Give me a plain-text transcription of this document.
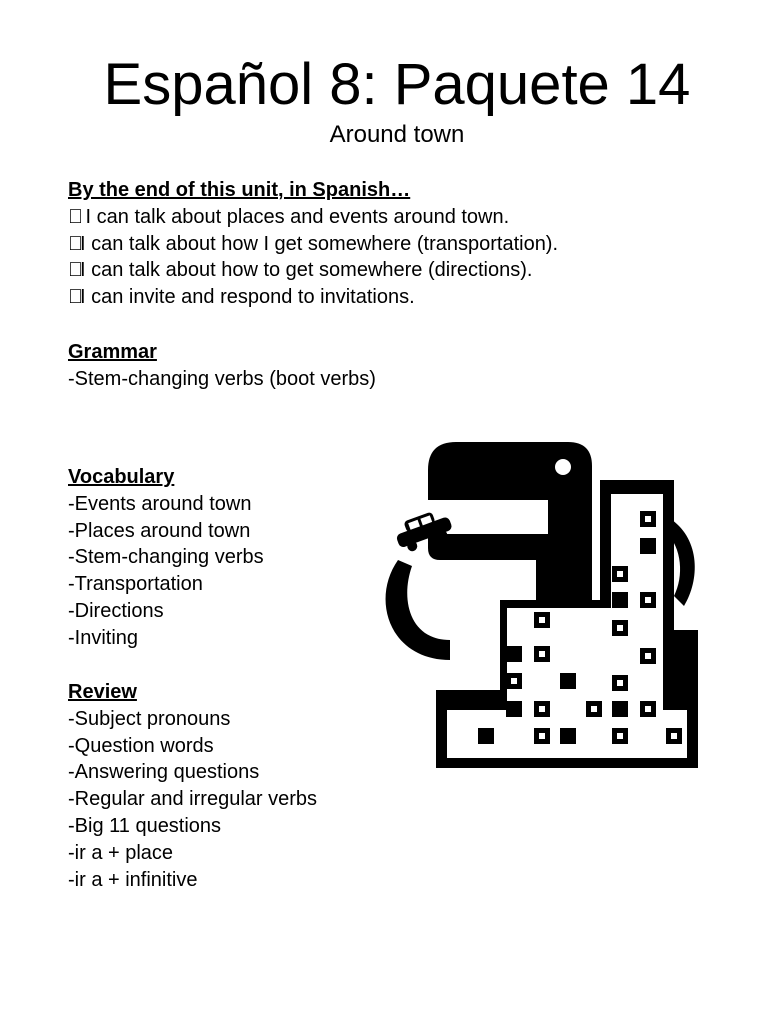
Español 8: Paquete 14
Around town
By the end of this unit, in Spanish…
I can talk about places and events around town.
I can talk about how I get somewhere (transportation).
I can talk about how to get somewhere (directions).
I can invite and respond to invitations.
Grammar
-Stem-changing verbs (boot verbs)
Vocabulary
-Events around town
-Places around town
-Stem-changing verbs
-Transportation
-Directions
-Inviting
Review
-Subject pronouns
-Question words
-Answering questions
-Regular and irregular verbs
-Big 11 questions
-ir a + place
-ir a + infinitive
